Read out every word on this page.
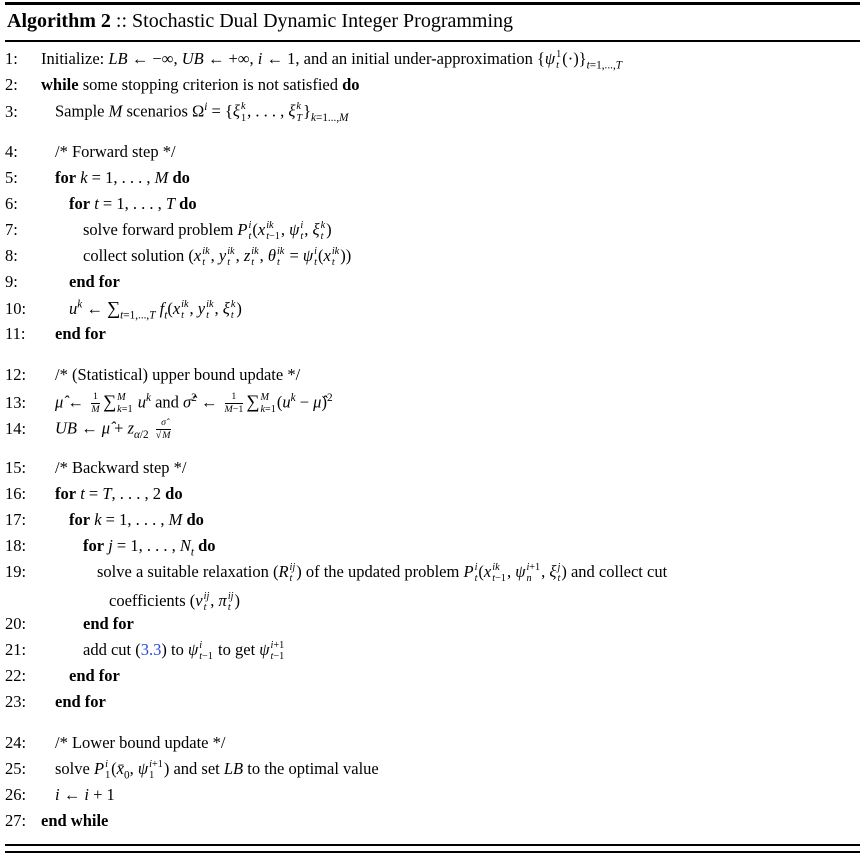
Algorithm 2 :: Stochastic Dual Dynamic Integer Programming
1:	Initialize: LB ← −∞, UB ← +∞, i ← 1, and an initial under-approximation {ψ 1
t $(\cdot)\}_{t=1,...,T}$
2:	while some stopping criterion is not satisfied do
3:	Sample M scenarios $\Omega^i = \{\xi$ k
1 , . . . , ξ k
T }$_{k=1...,M}$
4:	/* Forward step */
5:	for k = 1, . . . , M do
6:	for t = 1, . . . , T do
7:	solve forward problem P i
t (x ik
t−1 , ψ i
t , ξ k
t )
8:	collect solution (x ik
t , y ik
t , z ik
t , θ ik
t = ψ i
t (x ik
t ))
9:	end for
10:	$u^k$ ← $\sum_{t=1,...,T}$ $f_t(x$ ik
t , y ik
t , ξ k
t )
11:	end for
12:	/* (Statistical) upper bound update */
13:	μ̂ ← $\frac{1}{M}$ ∑ M
k=1 $u^k$ and σ̂$^2$ ← $\frac{1}{M-1}$ ∑ M
k=1 ($u^k$ − μ̂)$^2$
14:	UB ← μ̂ + $z_{\alpha/2} \frac{\sigmâ}{√M}$
15:	/* Backward step */
16:	for t = T, . . . , 2 do
17:	for k = 1, . . . , M do
18:	for j = 1, . . . , $N_t$ do
19:	solve a suitable relaxation (R ij
t ) of the updated problem P i
t (x ik
t−1 , ψ i+1
n , ξ j
t ) and collect cut
coefficients (v ij
t , π ij
t )
20:	end for
21:	add cut (3.3) to ψ i
t−1 to get ψ i+1
t−1
22:	end for
23:	end for
24:	/* Lower bound update */
25:	solve P i
1 ($x̄_0$, ψ i+1
1 ) and set LB to the optimal value
26:	i ← i + 1
27: end while
